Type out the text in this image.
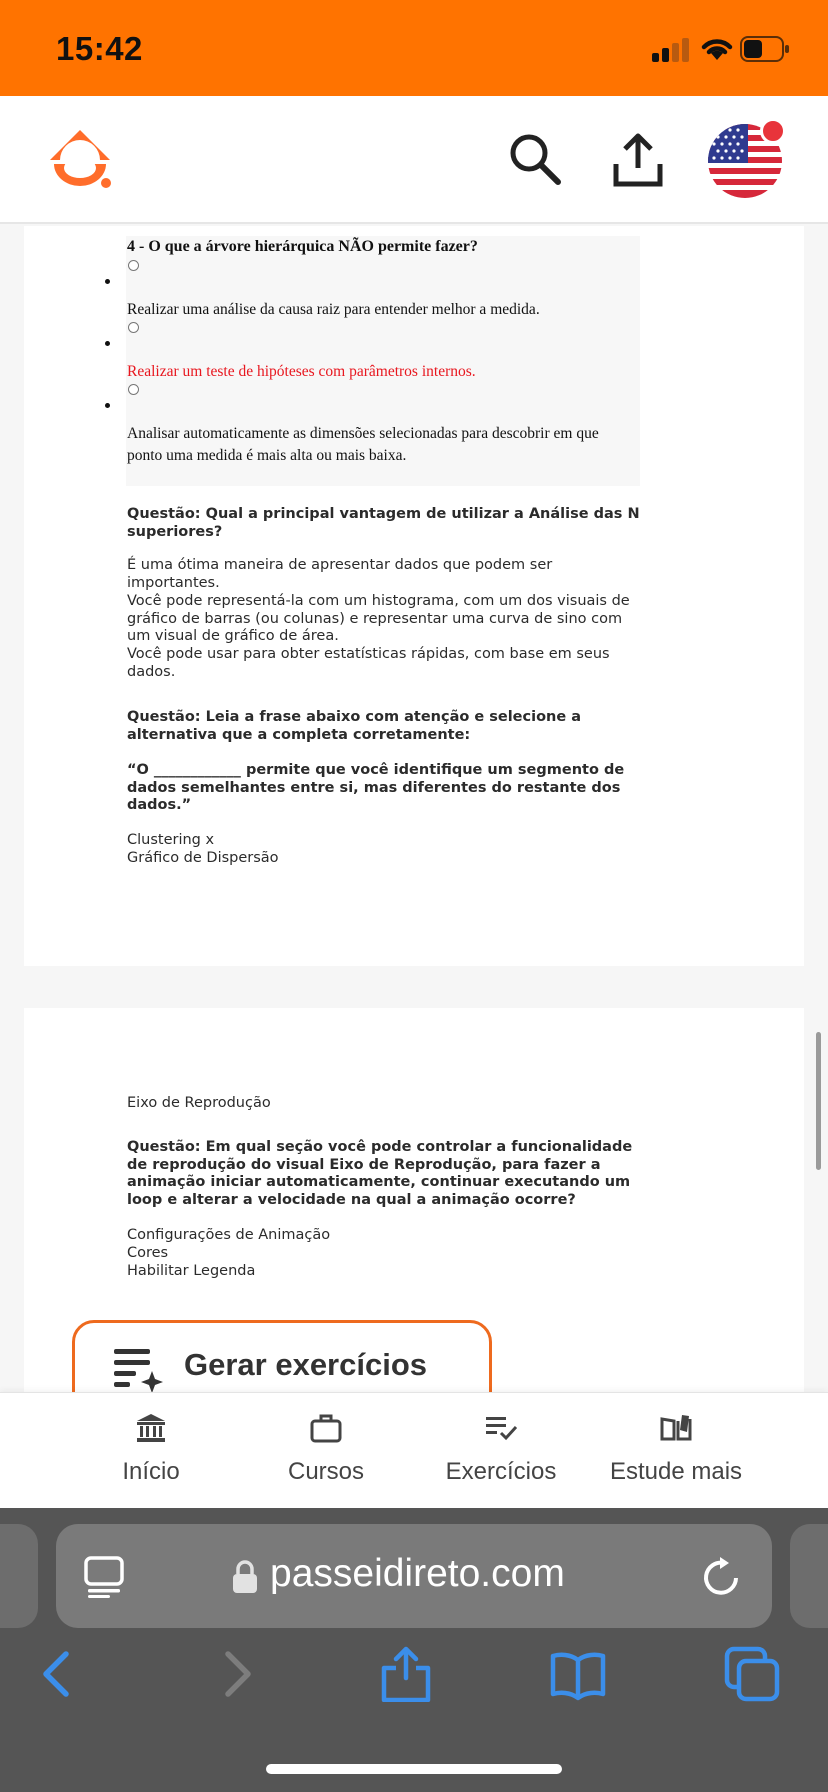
15:42
4 - O que a árvore hierárquica NÃO permite fazer?
Realizar uma análise da causa raiz para entender melhor a medida.
Realizar um teste de hipóteses com parâmetros internos.
Analisar automaticamente as dimensões selecionadas para descobrir em que ponto uma medida é mais alta ou mais baixa.
Questão: Qual a principal vantagem de utilizar a Análise das N superiores?
É uma ótima maneira de apresentar dados que podem ser importantes.
Você pode representá-la com um histograma, com um dos visuais de gráfico de barras (ou colunas) e representar uma curva de sino com um visual de gráfico de área.
Você pode usar para obter estatísticas rápidas, com base em seus dados.
Questão: Leia a frase abaixo com atenção e selecione a alternativa que a completa corretamente:
“O ____________ permite que você identifique um segmento de dados semelhantes entre si, mas diferentes do restante dos dados.”
Clustering x
Gráfico de Dispersão
Eixo de Reprodução
Questão: Em qual seção você pode controlar a funcionalidade de reprodução do visual Eixo de Reprodução, para fazer a animação iniciar automaticamente, continuar executando um loop e alterar a velocidade na qual a animação ocorre?
Configurações de Animação
Cores
Habilitar Legenda
Gerar exercícios
Início	Cursos	Exercícios	Estude mais
passeidireto.com
